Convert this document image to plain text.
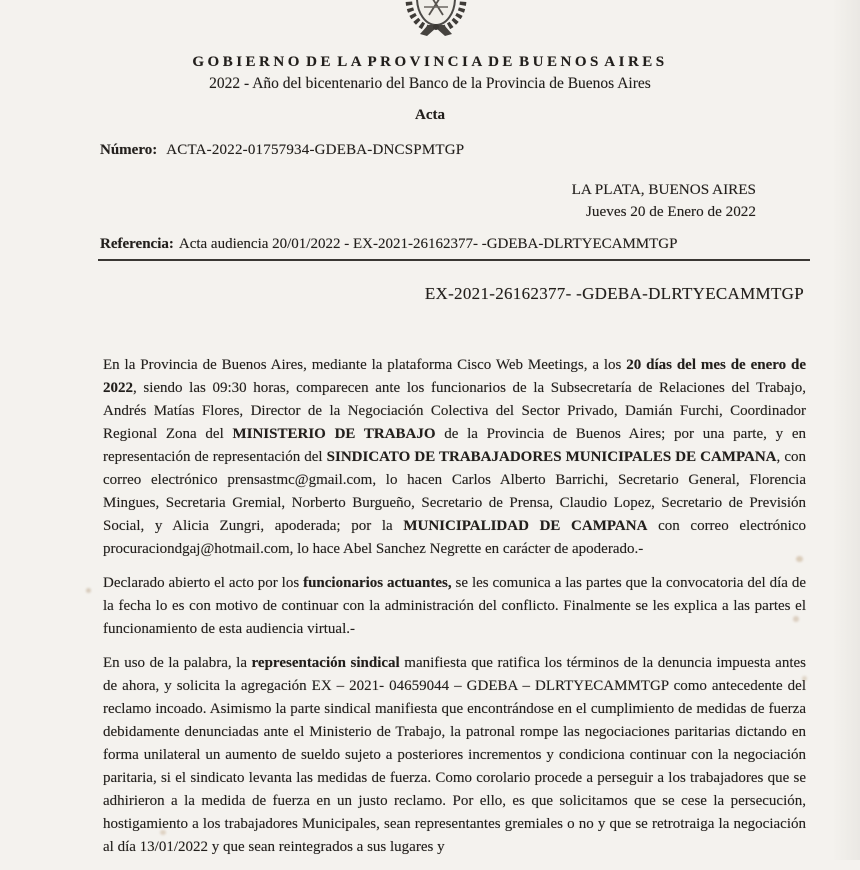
GOBIERNO DE LA PROVINCIA DE BUENOS AIRES
2022 - Año del bicentenario del Banco de la Provincia de Buenos Aires
Acta
Número: ACTA-2022-01757934-GDEBA-DNCSPMTGP
LA PLATA, BUENOS AIRES
Jueves 20 de Enero de 2022
Referencia: Acta audiencia 20/01/2022 - EX-2021-26162377- -GDEBA-DLRTYECAMMTGP
EX-2021-26162377- -GDEBA-DLRTYECAMMTGP
En la Provincia de Buenos Aires, mediante la plataforma Cisco Web Meetings, a los 20 días del mes de enero de 2022, siendo las 09:30 horas, comparecen ante los funcionarios de la Subsecretaría de Relaciones del Trabajo, Andrés Matías Flores, Director de la Negociación Colectiva del Sector Privado, Damián Furchi, Coordinador Regional Zona del MINISTERIO DE TRABAJO de la Provincia de Buenos Aires; por una parte, y en representación de representación del SINDICATO DE TRABAJADORES MUNICIPALES DE CAMPANA, con correo electrónico prensastmc@gmail.com, lo hacen Carlos Alberto Barrichi, Secretario General, Florencia Mingues, Secretaria Gremial, Norberto Burgueño, Secretario de Prensa, Claudio Lopez, Secretario de Previsión Social, y Alicia Zungri, apoderada; por la MUNICIPALIDAD DE CAMPANA con correo electrónico procuraciondgaj@hotmail.com, lo hace Abel Sanchez Negrette en carácter de apoderado.-
Declarado abierto el acto por los funcionarios actuantes, se les comunica a las partes que la convocatoria del día de la fecha lo es con motivo de continuar con la administración del conflicto. Finalmente se les explica a las partes el funcionamiento de esta audiencia virtual.-
En uso de la palabra, la representación sindical manifiesta que ratifica los términos de la denuncia impuesta antes de ahora, y solicita la agregación EX – 2021- 04659044 – GDEBA – DLRTYECAMMTGP como antecedente del reclamo incoado. Asimismo la parte sindical manifiesta que encontrándose en el cumplimiento de medidas de fuerza debidamente denunciadas ante el Ministerio de Trabajo, la patronal rompe las negociaciones paritarias dictando en forma unilateral un aumento de sueldo sujeto a posteriores incrementos y condiciona continuar con la negociación paritaria, si el sindicato levanta las medidas de fuerza. Como corolario procede a perseguir a los trabajadores que se adhirieron a la medida de fuerza en un justo reclamo. Por ello, es que solicitamos que se cese la persecución, hostigamiento a los trabajadores Municipales, sean representantes gremiales o no y que se retrotraiga la negociación al día 13/01/2022 y que sean reintegrados a sus lugares y
